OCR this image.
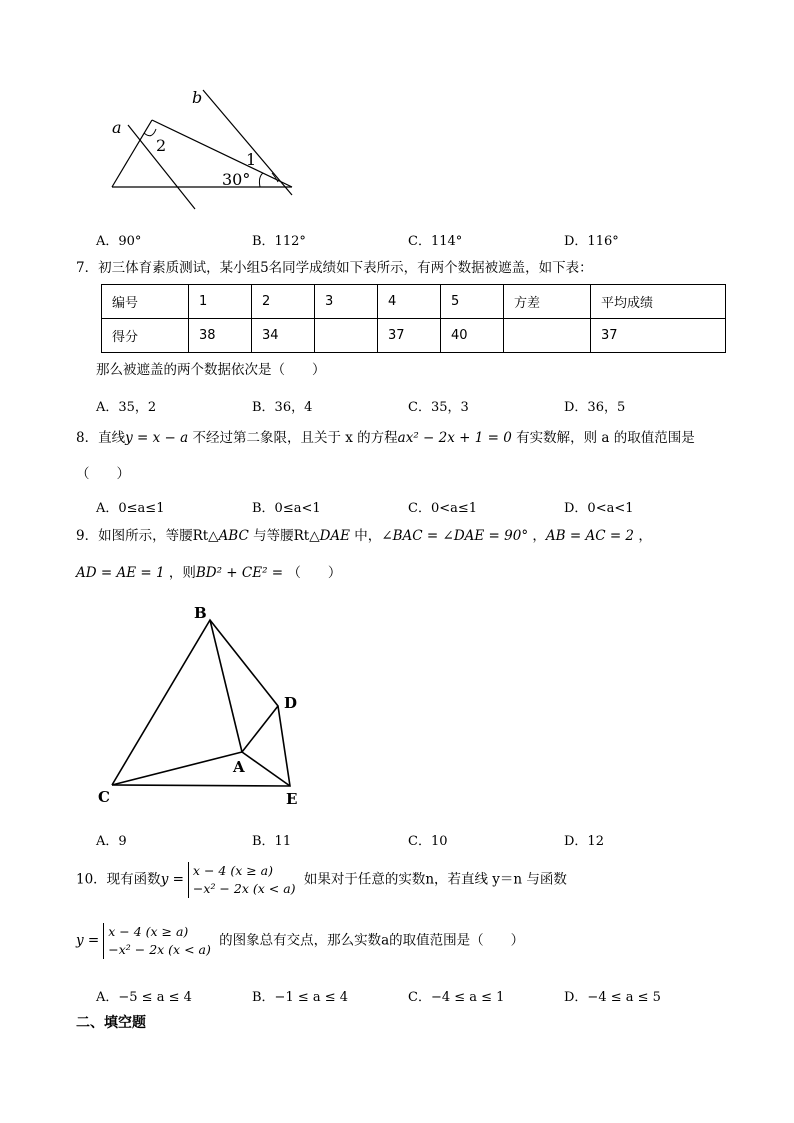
a
b
2
1
30°
A．90°	B．112°	C．114°	D．116°
7．初三体育素质测试，某小组5名同学成绩如下表所示，有两个数据被遮盖，如下表：
编号	1	2	3	4	5	方差	平均成绩
得分	38	34		37	40		37
那么被遮盖的两个数据依次是（　　）
A．35，2	B．36，4	C．35，3	D．36，5
8．直线y = x − a 不经过第二象限，且关于 x 的方程ax² − 2x + 1 = 0 有实数解，则 a 的取值范围是
（　　）
A．0≤a≤1	B．0≤a<1	C．0<a≤1	D．0<a<1
9．如图所示，等腰Rt△ABC 与等腰Rt△DAE 中，∠BAC = ∠DAE = 90° ，AB = AC = 2 ，
AD = AE = 1 ，则BD² + CE² = （　　）
B
D
A
C	E
A．9	B．11	C．10	D．12
10．现有函数y =x − 4 (x ≥ a)
−x² − 2x (x < a) 如果对于任意的实数n，若直线 y＝n 与函数
y =x − 4 (x ≥ a)
−x² − 2x (x < a) 的图象总有交点，那么实数a的取值范围是（　　）
A．−5 ≤ a ≤ 4	B．−1 ≤ a ≤ 4	C．−4 ≤ a ≤ 1	D．−4 ≤ a ≤ 5
二、填空题
